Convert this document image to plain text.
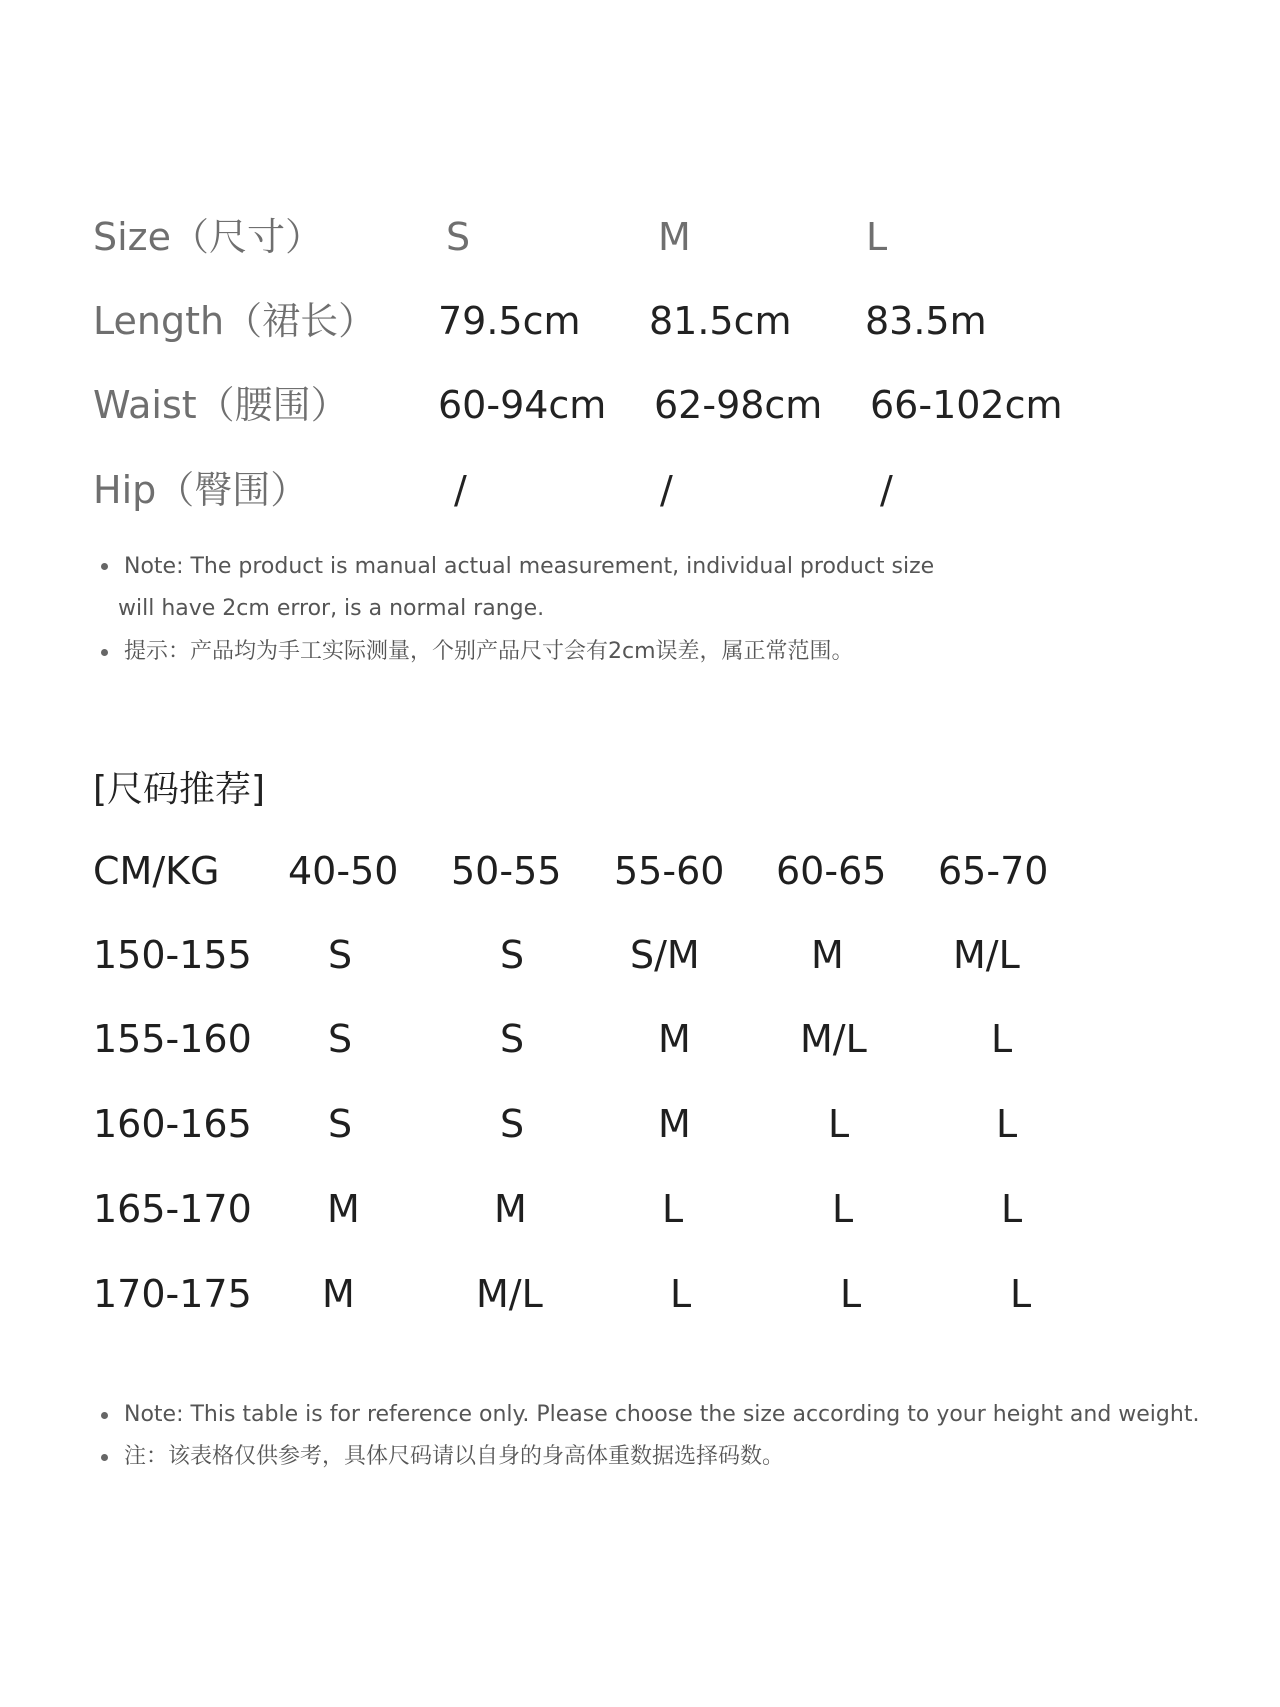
Size（尺寸）	S	M	L
Length（裙长） 79.5cm 81.5cm 83.5m
Waist（腰围） 60-94cm 62-98cm 66-102cm
Hip（臀围）	/	/	/
Note: The product is manual actual measurement, individual product size
will have 2cm error, is a normal range.
提示：产品均为手工实际测量，个别产品尺寸会有2cm误差，属正常范围。
[尺码推荐]
CM/KG 40-50 50-55 55-60 60-65 65-70
150-155 S	S	S/M	M	M/L
155-160 S	S	M	M/L	L
160-165 S	S	M	L	L
165-170 M	M	L	L	L
170-175 M	M/L	L	L	L
Note: This table is for reference only. Please choose the size according to your height and weight.
注：该表格仅供参考，具体尺码请以自身的身高体重数据选择码数。
